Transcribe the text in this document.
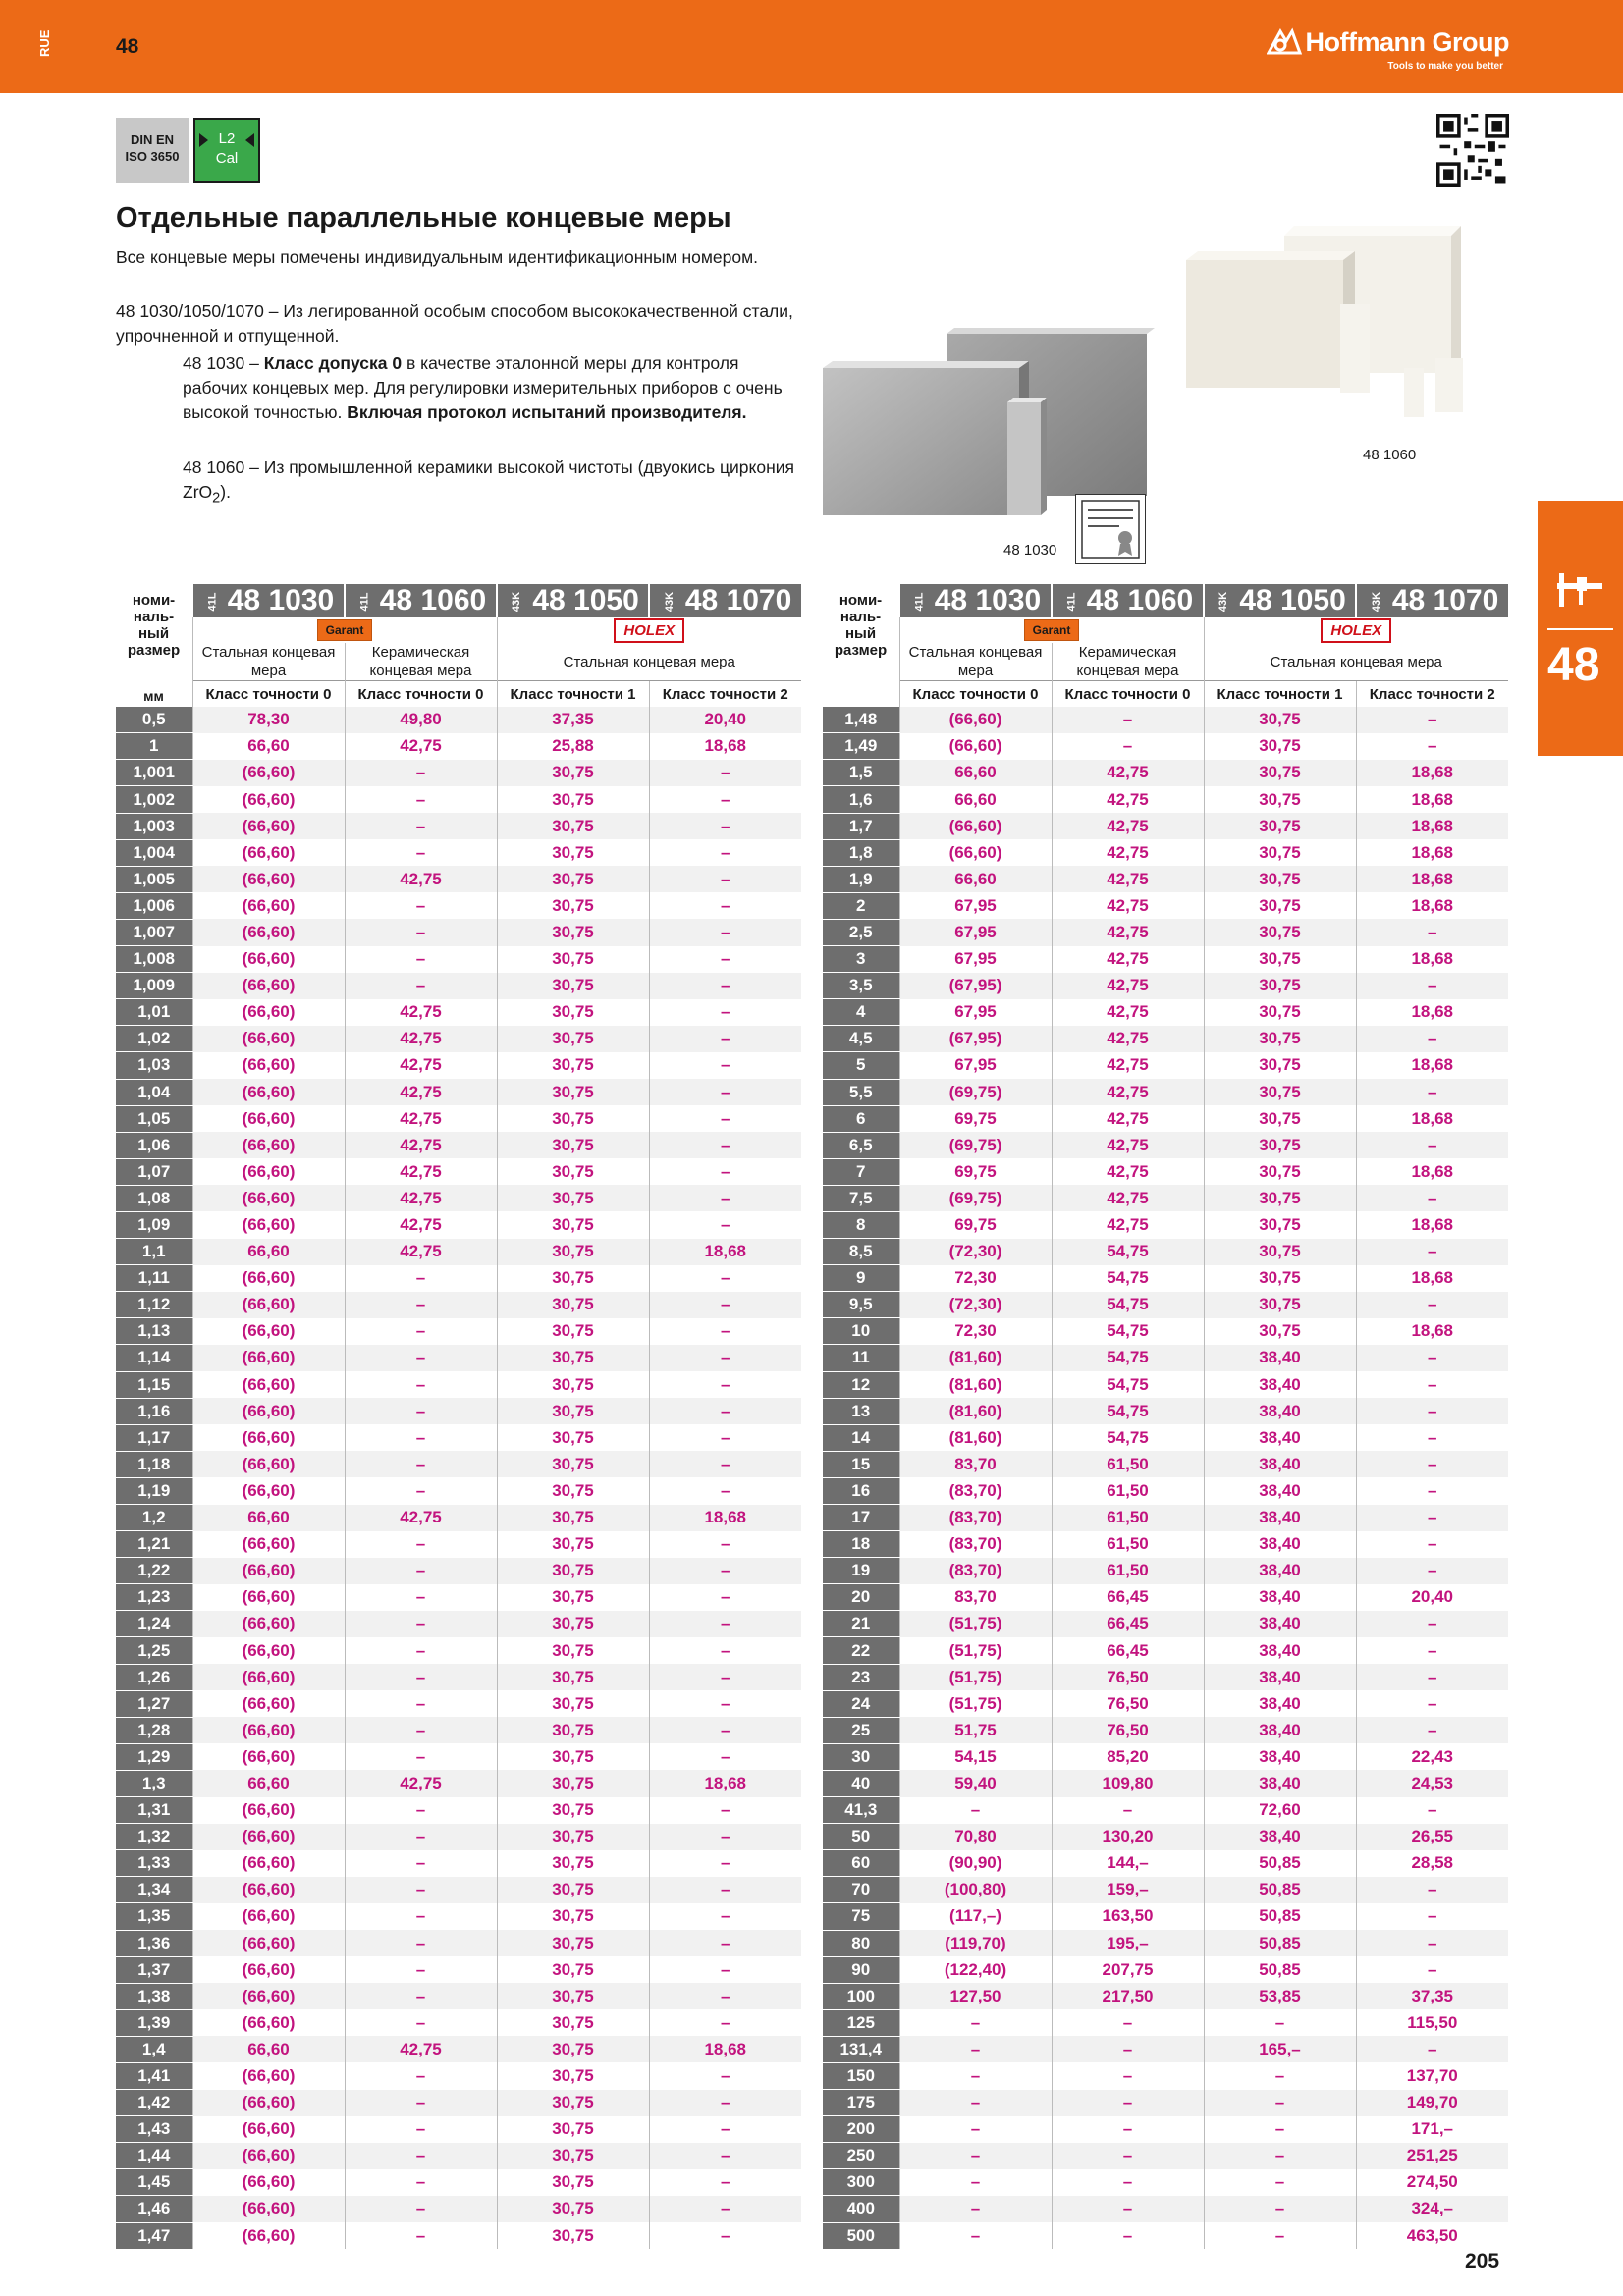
RUE	48	Hoffmann Group
Tools to make you better
DIN EN
ISO 3650
L2
Cal
Отдельные параллельные концевые меры
Все концевые меры помечены индивидуальным идентификационным номером.
48 1030/1050/1070 – Из легированной особым способом высококачественной стали, упрочненной и отпущенной.
48 1030 – Класс допуска 0 в качестве эталонной меры для контроля рабочих концевых мер. Для регулировки измерительных приборов с очень высокой точностью. Включая протокол испытаний производителя.
48 1060 – Из промышленной керамики высокой чистоты (двуокись циркония ZrO$_2$).
48 1030
48 1060
48
номи-наль-ный размер
мм	41L 48 1030	41L 48 1060	43K 48 1050	43K 48 1070
	Garant		HOLEX	
	Стальная концевая мера	Керамическая концевая мера	Стальная концевая мера	
	Класс точности 0	Класс точности 0	Класс точности 1	Класс точности 2
0,5	78,30	49,80	37,35	20,40
1	66,60	42,75	25,88	18,68
1,001	(66,60)	–	30,75	–
1,002	(66,60)	–	30,75	–
1,003	(66,60)	–	30,75	–
1,004	(66,60)	–	30,75	–
1,005	(66,60)	42,75	30,75	–
1,006	(66,60)	–	30,75	–
1,007	(66,60)	–	30,75	–
1,008	(66,60)	–	30,75	–
1,009	(66,60)	–	30,75	–
1,01	(66,60)	42,75	30,75	–
1,02	(66,60)	42,75	30,75	–
1,03	(66,60)	42,75	30,75	–
1,04	(66,60)	42,75	30,75	–
1,05	(66,60)	42,75	30,75	–
1,06	(66,60)	42,75	30,75	–
1,07	(66,60)	42,75	30,75	–
1,08	(66,60)	42,75	30,75	–
1,09	(66,60)	42,75	30,75	–
1,1	66,60	42,75	30,75	18,68
1,11	(66,60)	–	30,75	–
1,12	(66,60)	–	30,75	–
1,13	(66,60)	–	30,75	–
1,14	(66,60)	–	30,75	–
1,15	(66,60)	–	30,75	–
1,16	(66,60)	–	30,75	–
1,17	(66,60)	–	30,75	–
1,18	(66,60)	–	30,75	–
1,19	(66,60)	–	30,75	–
1,2	66,60	42,75	30,75	18,68
1,21	(66,60)	–	30,75	–
1,22	(66,60)	–	30,75	–
1,23	(66,60)	–	30,75	–
1,24	(66,60)	–	30,75	–
1,25	(66,60)	–	30,75	–
1,26	(66,60)	–	30,75	–
1,27	(66,60)	–	30,75	–
1,28	(66,60)	–	30,75	–
1,29	(66,60)	–	30,75	–
1,3	66,60	42,75	30,75	18,68
1,31	(66,60)	–	30,75	–
1,32	(66,60)	–	30,75	–
1,33	(66,60)	–	30,75	–
1,34	(66,60)	–	30,75	–
1,35	(66,60)	–	30,75	–
1,36	(66,60)	–	30,75	–
1,37	(66,60)	–	30,75	–
1,38	(66,60)	–	30,75	–
1,39	(66,60)	–	30,75	–
1,4	66,60	42,75	30,75	18,68
1,41	(66,60)	–	30,75	–
1,42	(66,60)	–	30,75	–
1,43	(66,60)	–	30,75	–
1,44	(66,60)	–	30,75	–
1,45	(66,60)	–	30,75	–
1,46	(66,60)	–	30,75	–
1,47	(66,60)	–	30,75	–
номи-наль-ный размер	41L 48 1030	41L 48 1060	43K 48 1050	43K 48 1070
	Garant		HOLEX	
	Стальная концевая мера	Керамическая концевая мера	Стальная концевая мера	
	Класс точности 0	Класс точности 0	Класс точности 1	Класс точности 2
1,48	(66,60)	–	30,75	–
1,49	(66,60)	–	30,75	–
1,5	66,60	42,75	30,75	18,68
1,6	66,60	42,75	30,75	18,68
1,7	(66,60)	42,75	30,75	18,68
1,8	(66,60)	42,75	30,75	18,68
1,9	66,60	42,75	30,75	18,68
2	67,95	42,75	30,75	18,68
2,5	67,95	42,75	30,75	–
3	67,95	42,75	30,75	18,68
3,5	(67,95)	42,75	30,75	–
4	67,95	42,75	30,75	18,68
4,5	(67,95)	42,75	30,75	–
5	67,95	42,75	30,75	18,68
5,5	(69,75)	42,75	30,75	–
6	69,75	42,75	30,75	18,68
6,5	(69,75)	42,75	30,75	–
7	69,75	42,75	30,75	18,68
7,5	(69,75)	42,75	30,75	–
8	69,75	42,75	30,75	18,68
8,5	(72,30)	54,75	30,75	–
9	72,30	54,75	30,75	18,68
9,5	(72,30)	54,75	30,75	–
10	72,30	54,75	30,75	18,68
11	(81,60)	54,75	38,40	–
12	(81,60)	54,75	38,40	–
13	(81,60)	54,75	38,40	–
14	(81,60)	54,75	38,40	–
15	83,70	61,50	38,40	–
16	(83,70)	61,50	38,40	–
17	(83,70)	61,50	38,40	–
18	(83,70)	61,50	38,40	–
19	(83,70)	61,50	38,40	–
20	83,70	66,45	38,40	20,40
21	(51,75)	66,45	38,40	–
22	(51,75)	66,45	38,40	–
23	(51,75)	76,50	38,40	–
24	(51,75)	76,50	38,40	–
25	51,75	76,50	38,40	–
30	54,15	85,20	38,40	22,43
40	59,40	109,80	38,40	24,53
41,3	–	–	72,60	–
50	70,80	130,20	38,40	26,55
60	(90,90)	144,–	50,85	28,58
70	(100,80)	159,–	50,85	–
75	(117,–)	163,50	50,85	–
80	(119,70)	195,–	50,85	–
90	(122,40)	207,75	50,85	–
100	127,50	217,50	53,85	37,35
125	–	–	–	115,50
131,4	–	–	165,–	–
150	–	–	–	137,70
175	–	–	–	149,70
200	–	–	–	171,–
250	–	–	–	251,25
300	–	–	–	274,50
400	–	–	–	324,–
500	–	–	–	463,50
205
